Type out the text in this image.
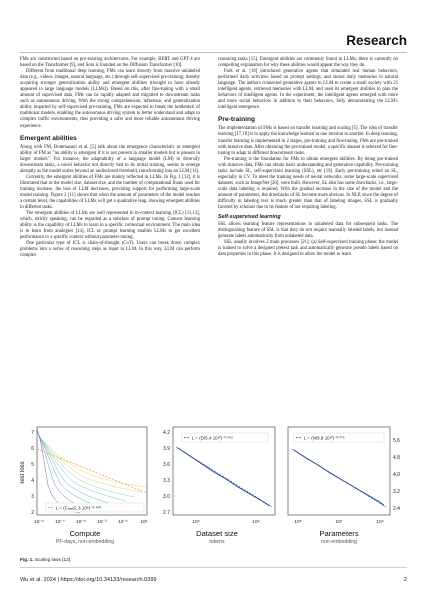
Research

FMs are constructed based on pre-existing architectures. For example, BERT and GPT-4 are based on the Transformer [9], and Sora is founded on the Diffusion Transformer [10].

Different from traditional deep learning, FMs can learn directly from massive unlabeled data (e.g., videos, images, natural language, etc.) through self-supervised pre-training, thereby acquiring stronger generalization ability and emergent abilities (thought to have already appeared in large language models [LLMs]). Based on this, after fine-tuning with a small amount of supervised data, FMs can be rapidly adapted and migrated to downstream tasks such as autonomous driving. With the strong comprehension, inference, and generalization ability imparted by self-supervised pre-training, FMs are expected to break the bottleneck of traditional models, enabling the autonomous driving system to better understand and adapt to complex traffic environments, thus providing a safer and more reliable autonomous driving experience.

Emergent abilities

Along with FM, Bommasani et al. [5] talk about the emergence characteristic or emergent ability of FM as "an ability is emergent if it is not present in smaller models but is present in larger models". For instance, the adaptability of a language model (LM) to diversify downstream tasks, a novel behavior not directly tied to its initial training, seems to emerge abruptly as the model scales beyond an undisclosed threshold, transforming into an LLM [11].

Currently, the emergent abilities of FMs are mainly reflected in LLMs. In Fig. 1 [12], it is illustrated that as the model size, dataset size, and the number of computational floats used for training increase, the loss of LLM decreases, providing support for performing large-scale model training. Figure 2 [11] shows that when the amount of parameters of the model reaches a certain level, the capabilities of LLMs will get a qualitative leap, showing emergent abilities in different tasks.

The emergent abilities of LLMs are well represented in in-context learning (ICL) [11,13], which, strictly speaking, can be regarded as a subclass of prompt tuning. Context learning ability is the capability of LLMs to learn in a specific contextual environment. The main idea is to learn from analogies [14]. ICL or prompt learning enables LLMs to get excellent performance in a specific context without parameter tuning.

One particular type of ICL is chain-of-thought (CoT). Users can break down complex problems into a series of reasoning steps as input to LLM. In this way, LLM can perform complex

reasoning tasks [15]. Emergent abilities are commonly found in LLMs; there is currently no compelling explanation for why these abilities would appear the way they do.

Park et al. [16] introduced generative agents that simulated real human behaviors, performed daily activities based on prompt settings, and stored daily memories in natural language. The authors connected generative agents to LLM to create a small society with 25 intelligent agents, retrieved memories with LLM, and used its emergent abilities to plan the behaviors of intelligent agents. In the experiment, the intelligent agents emerged with more and more social behaviors in addition to their behaviors, fully demonstrating the LLM's intelligent emergence.

Pre-training

The implementation of FMs is based on transfer learning and scaling [5]. The idea of transfer learning [17,18] is to apply the knowledge learned in one mission to another. In deep learning, transfer learning is implemented in 2 stages, pre-training and fine-tuning. FMs are pre-trained with massive data. After obtaining the pre-trained model, a specific dataset is selected for fine-tuning to adapt to different downstream tasks.

Pre-training is the foundation for FMs to obtain emergent abilities. By being pre-trained with massive data, FMs can obtain basic understanding and generative capability. Pre-training tasks include SL, self-supervised learning (SSL), etc [19]. Early pre-training relied on SL, especially in CV. To meet the training needs of neural networks, some large-scale supervised datasets, such as ImageNet [20], were built. However, SL also has some drawbacks, i.e., large-scale data labeling is required. With the gradual increase in the size of the model and the amount of parameters, the drawbacks of SL become more obvious. In NLP, since the degree of difficulty in labeling text is much greater than that of labeling images, SSL is gradually favored by scholars due to its feature of not requiring labeling.

Self-supervised learning

SSL allows learning feature representations in unlabeled data for subsequent tasks. The distinguishing feature of SSL is that they do not require manually labeled labels, but instead generate labels automatically from unlabeled data.

SSL usually involves 2 main processes [21]: (a) Self-supervised training phase: the model is trained to solve a designed pretext task and automatically generate pseudo labels based on data properties in this phase. It is designed to allow the model to learn

Test loss
7
6
5
4
3
2
L = (Cₘᵢₙ/2.3·10⁸)⁻⁰·⁰⁵⁰
10⁻⁹ 10⁻⁷ 10⁻⁵ 10⁻³ 10⁻¹	10¹
Compute
PF-days, non-embedding
4.2
3.9
3.6
3.3
3.0
2.7
L = (D/5.4·10¹³)⁻⁰·⁰⁹⁵
10⁸	10⁹
Dataset size
tokens
L = (N/8.8·10¹³)⁻⁰·⁰⁷⁶
5.6
4.8
4.0
3.2
2.4
10⁵	10⁷	10⁹
Parameters
non-embedding
Fig. 1. Scaling laws [12].
Wu et al. 2024 | https://doi.org/10.34133/research.0399	2
